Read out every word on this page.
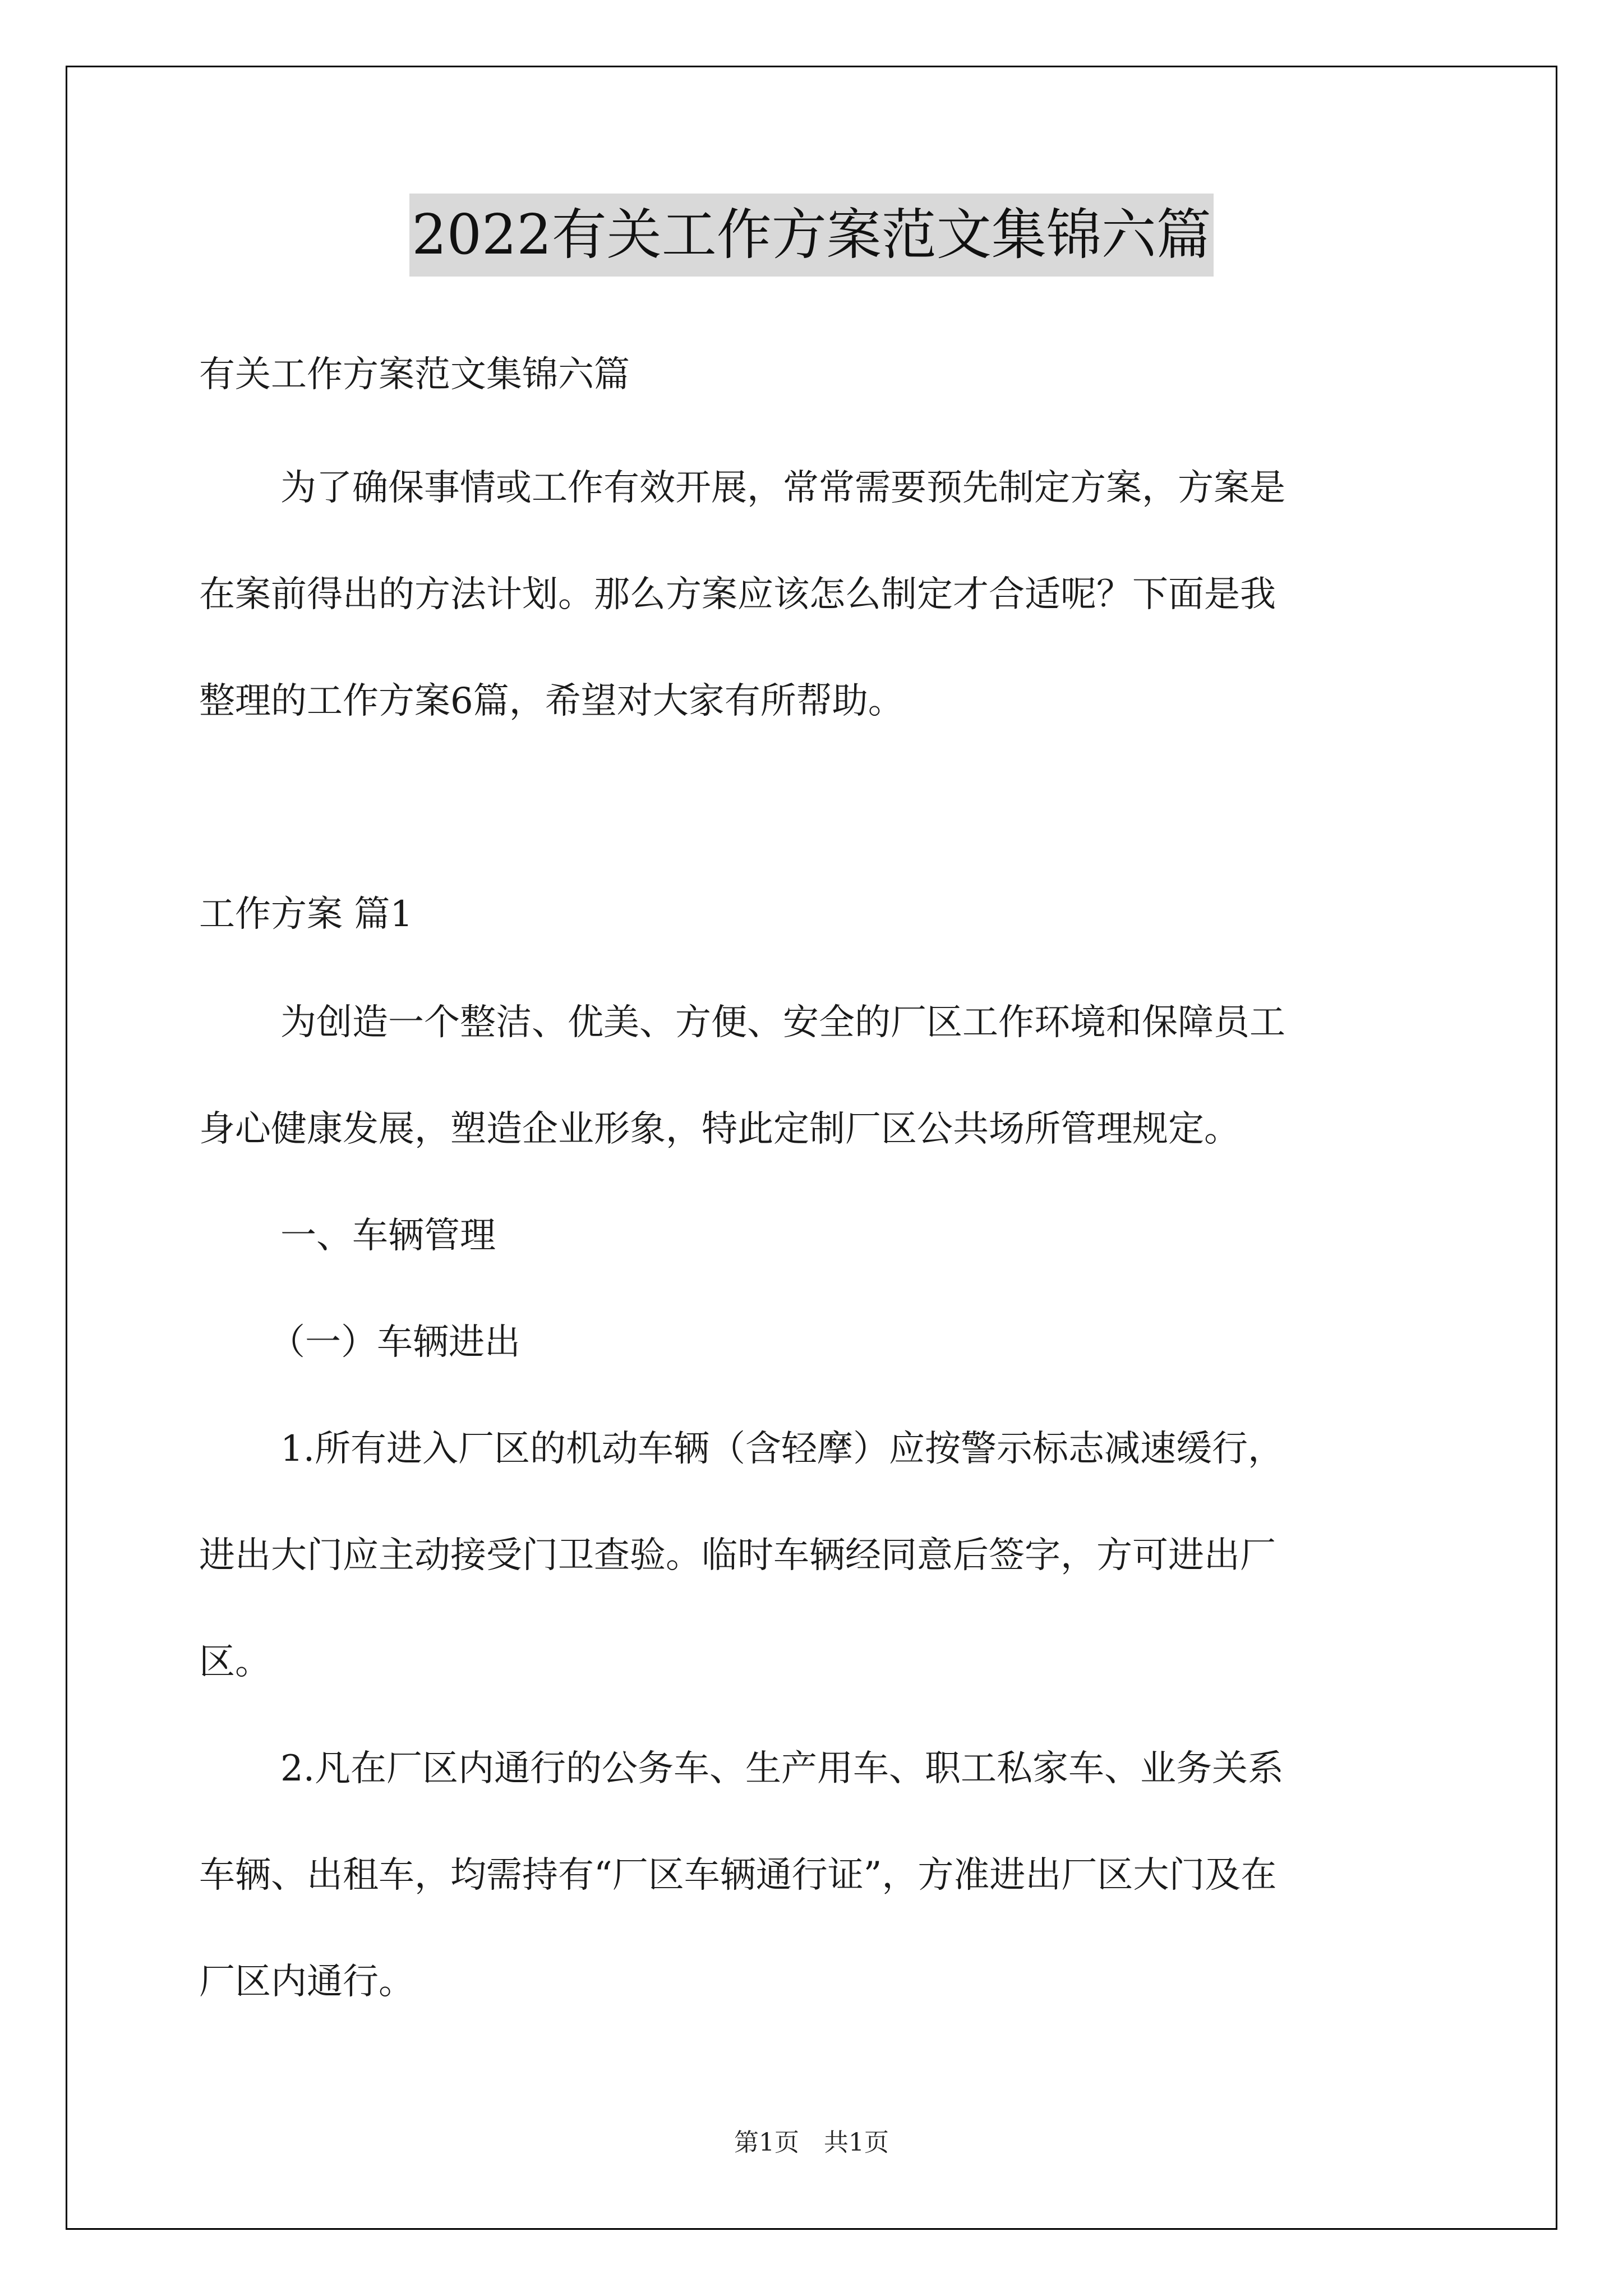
2022有关工作方案范文集锦六篇
有关工作方案范文集锦六篇
为了确保事情或工作有效开展，常常需要预先制定方案，方案是
在案前得出的方法计划。那么方案应该怎么制定才合适呢？下面是我
整理的工作方案6篇，希望对大家有所帮助。
工作方案 篇1
为创造一个整洁、优美、方便、安全的厂区工作环境和保障员工
身心健康发展，塑造企业形象，特此定制厂区公共场所管理规定。
一、车辆管理
（一）车辆进出
1.所有进入厂区的机动车辆（含轻摩）应按警示标志减速缓行，
进出大门应主动接受门卫查验。临时车辆经同意后签字，方可进出厂
区。
2.凡在厂区内通行的公务车、生产用车、职工私家车、业务关系
车辆、出租车，均需持有“厂区车辆通行证”，方准进出厂区大门及在
厂区内通行。
第1页　共1页
